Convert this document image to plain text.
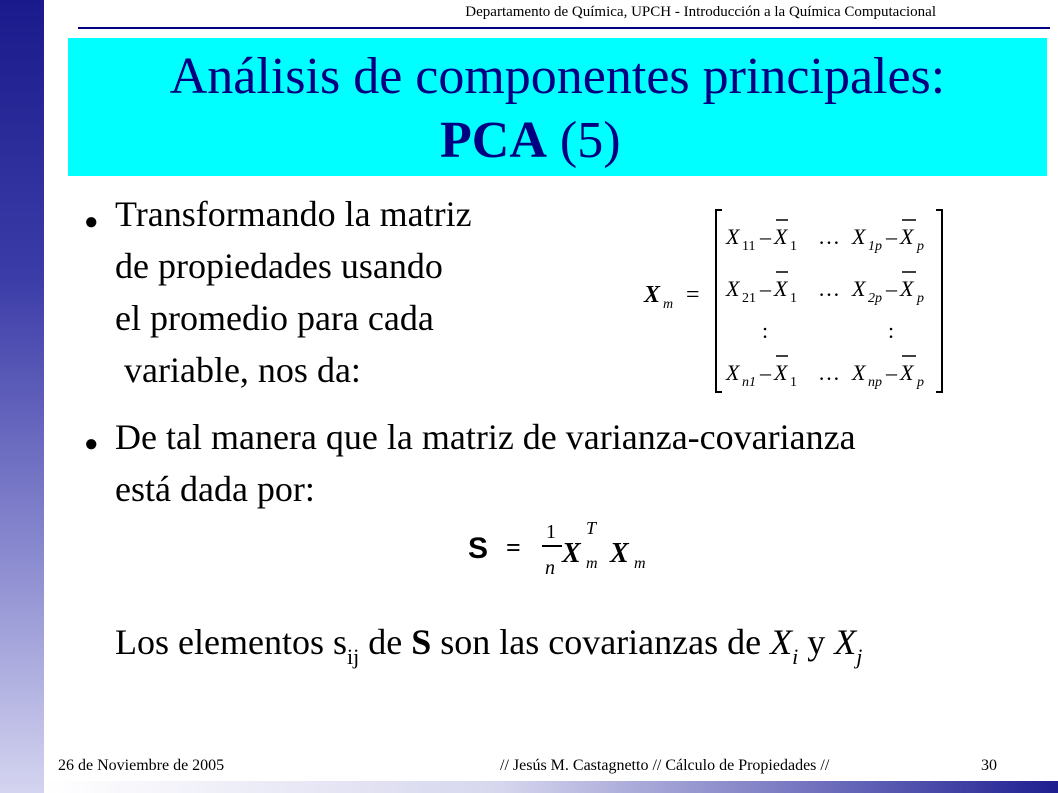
Departamento de Química, UPCH - Introducción a la Química Computacional
Análisis de componentes principales:
PCA (5)
● Transformando la matriz
de propiedades usando
el promedio para cada
variable, nos da:
X m =
X 11 – X 1 … X 1p – X p
X 21 – X 1 … X 2p – X p
:	:
X n1 – X 1 … X np – X p
● De tal manera que la matriz de varianza-covarianza
está dada por:
S =
1
n X
T
m X m
Los elementos $s_{ij}$ de S son las covarianzas de $X_i$ y $X_j$
26 de Noviembre de 2005	// Jesús M. Castagnetto // Cálculo de Propiedades //	30
